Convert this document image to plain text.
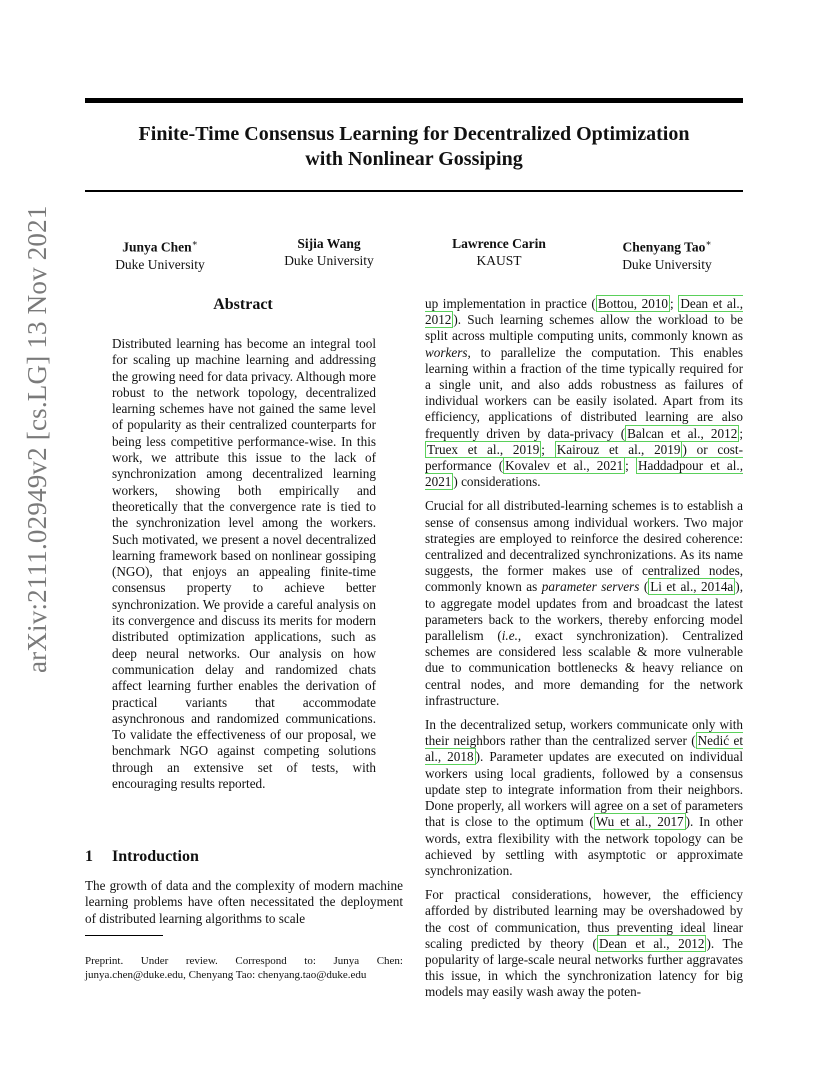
Finite-Time Consensus Learning for Decentralized Optimization
with Nonlinear Gossiping
Junya Chen∗
Duke University
Sijia Wang
Duke University
Lawrence Carin
KAUST
Chenyang Tao∗
Duke University
arXiv:2111.02949v2 [cs.LG] 13 Nov 2021	Abstract
Distributed learning has become an integral tool for scaling up machine learning and addressing the growing need for data privacy. Although more robust to the network topology, decentralized learning schemes have not gained the same level of popularity as their centralized counterparts for being less competitive performance-wise. In this work, we attribute this issue to the lack of synchronization among decentralized learning workers, showing both empirically and theoretically that the convergence rate is tied to the synchronization level among the workers. Such motivated, we present a novel decentralized learning framework based on nonlinear gossiping (NGO), that enjoys an appealing finite-time consensus property to achieve better synchronization. We provide a careful analysis on its convergence and discuss its merits for modern distributed optimization applications, such as deep neural networks. Our analysis on how communication delay and randomized chats affect learning further enables the derivation of practical variants that accommodate asynchronous and randomized communications. To validate the effectiveness of our proposal, we benchmark NGO against competing solutions through an extensive set of tests, with encouraging results reported.
1 Introduction
The growth of data and the complexity of modern machine learning problems have often necessitated the deployment of distributed learning algorithms to scale
Preprint. Under review. Correspond to: Junya Chen: junya.chen@duke.edu, Chenyang Tao: chenyang.tao@duke.edu

up implementation in practice ( Bottou, 2010 ; Dean et al., 2012 ). Such learning schemes allow the workload to be split across multiple computing units, commonly known as workers, to parallelize the computation. This enables learning within a fraction of the time typically required for a single unit, and also adds robustness as failures of individual workers can be easily isolated. Apart from its efficiency, applications of distributed learning are also frequently driven by data-privacy ( Balcan et al., 2012 ; Truex et al., 2019 ; Kairouz et al., 2019 ) or cost-performance ( Kovalev et al., 2021 ; Haddadpour et al., 2021 ) considerations.

Crucial for all distributed-learning schemes is to establish a sense of consensus among individual workers. Two major strategies are employed to reinforce the desired coherence: centralized and decentralized synchronizations. As its name suggests, the former makes use of centralized nodes, commonly known as parameter servers ( Li et al., 2014a ), to aggregate model updates from and broadcast the latest parameters back to the workers, thereby enforcing model parallelism (i.e., exact synchronization). Centralized schemes are considered less scalable & more vulnerable due to communication bottlenecks & heavy reliance on central nodes, and more demanding for the network infrastructure.

In the decentralized setup, workers communicate only with their neighbors rather than the centralized server ( Nedić et al., 2018 ). Parameter updates are executed on individual workers using local gradients, followed by a consensus update step to integrate information from their neighbors. Done properly, all workers will agree on a set of parameters that is close to the optimum ( Wu et al., 2017 ). In other words, extra flexibility with the network topology can be achieved by settling with asymptotic or approximate synchronization.

For practical considerations, however, the efficiency afforded by distributed learning may be overshadowed by the cost of communication, thus preventing ideal linear scaling predicted by theory ( Dean et al., 2012 ). The popularity of large-scale neural networks further aggravates this issue, in which the synchronization latency for big models may easily wash away the poten-
